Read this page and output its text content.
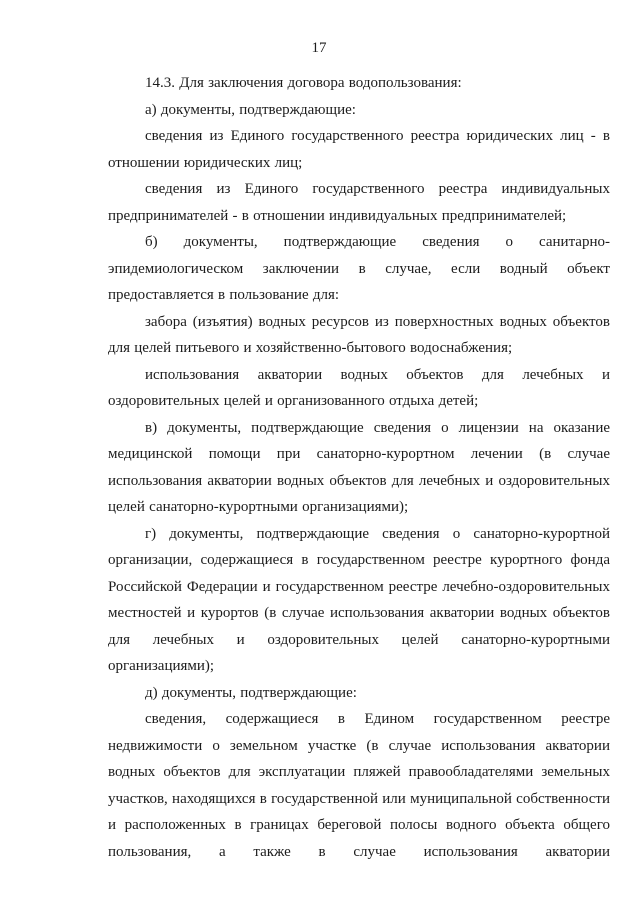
17

14.3. Для заключения договора водопользования:

а) документы, подтверждающие:

сведения из Единого государственного реестра юридических лиц - в отношении юридических лиц;

сведения из Единого государственного реестра индивидуальных предпринимателей - в отношении индивидуальных предпринимателей;

б) документы, подтверждающие сведения о санитарно-эпидемиологическом заключении в случае, если водный объект предоставляется в пользование для:

забора (изъятия) водных ресурсов из поверхностных водных объектов для целей питьевого и хозяйственно-бытового водоснабжения;

использования акватории водных объектов для лечебных и оздоровительных целей и организованного отдыха детей;

в) документы, подтверждающие сведения о лицензии на оказание медицинской помощи при санаторно-курортном лечении (в случае использования акватории водных объектов для лечебных и оздоровительных целей санаторно-курортными организациями);

г) документы, подтверждающие сведения о санаторно-курортной организации, содержащиеся в государственном реестре курортного фонда Российской Федерации и государственном реестре лечебно-оздоровительных местностей и курортов (в случае использования акватории водных объектов для лечебных и оздоровительных целей санаторно-курортными организациями);

д) документы, подтверждающие:

сведения, содержащиеся в Едином государственном реестре недвижимости о земельном участке (в случае использования акватории водных объектов для эксплуатации пляжей правообладателями земельных участков, находящихся в государственной или муниципальной собственности и расположенных в границах береговой полосы водного объекта общего пользования, а также в случае использования акватории
